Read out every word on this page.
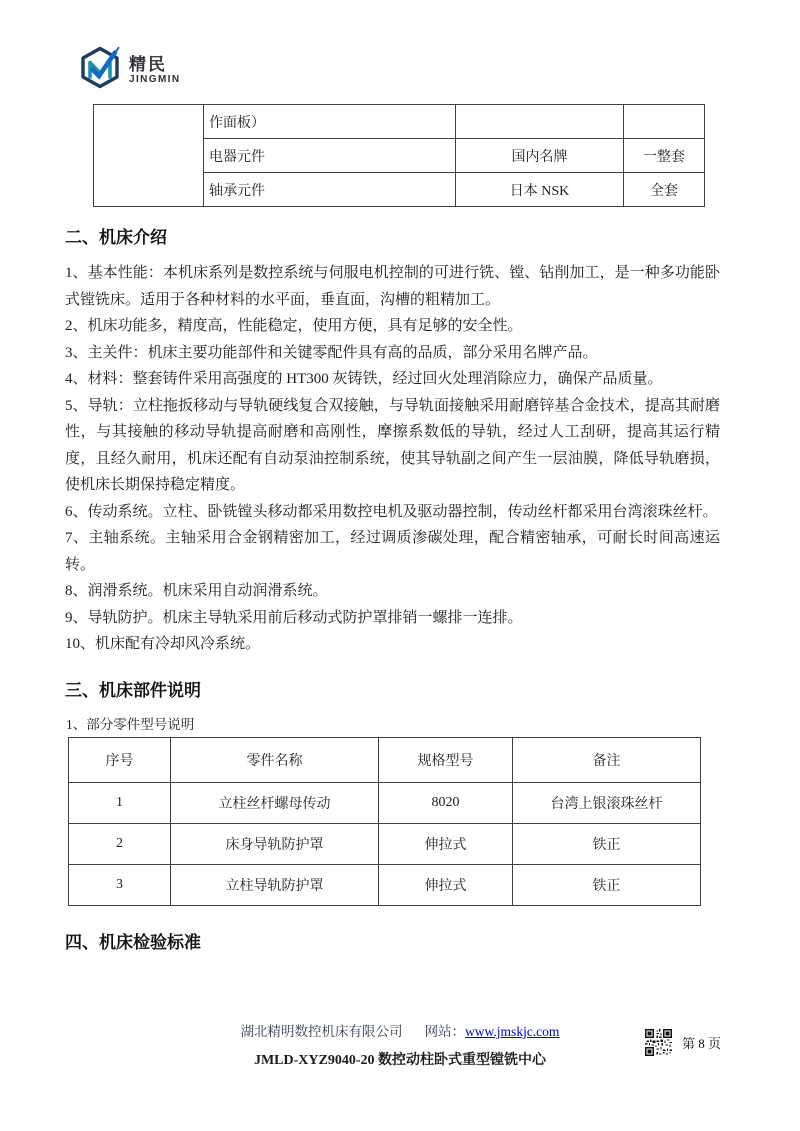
精民
JINGMIN
	作面板）		
	电器元件	国内名牌	一整套
	轴承元件	日本 NSK	全套
二、机床介绍

1、基本性能：本机床系列是数控系统与伺服电机控制的可进行铣、镗、钻削加工，是一种多功能卧式镗铣床。适用于各种材料的水平面，垂直面，沟槽的粗精加工。

2、机床功能多，精度高，性能稳定，使用方便，具有足够的安全性。

3、主关件：机床主要功能部件和关键零配件具有高的品质，部分采用名牌产品。

4、材料：整套铸件采用高强度的 HT300 灰铸铁，经过回火处理消除应力，确保产品质量。

5、导轨：立柱拖扳移动与导轨硬线复合双接触，与导轨面接触采用耐磨锌基合金技术，提高其耐磨性，与其接触的移动导轨提高耐磨和高刚性，摩擦系数低的导轨，经过人工刮研，提高其运行精度，且经久耐用，机床还配有自动泵油控制系统，使其导轨副之间产生一层油膜，降低导轨磨损，使机床长期保持稳定精度。

6、传动系统。立柱、卧铣镗头移动都采用数控电机及驱动器控制，传动丝杆都采用台湾滚珠丝杆。

7、主轴系统。主轴采用合金钢精密加工，经过调质渗碳处理，配合精密轴承，可耐长时间高速运转。

8、润滑系统。机床采用自动润滑系统。

9、导轨防护。机床主导轨采用前后移动式防护罩排销一螺排一连排。

10、机床配有冷却风冷系统。

三、机床部件说明
1、部分零件型号说明
序号	零件名称	规格型号	备注
1	立柱丝杆螺母传动	8020	台湾上银滚珠丝杆
2	床身导轨防护罩	伸拉式	铁正
3	立柱导轨防护罩	伸拉式	铁正
四、机床检验标准
湖北精明数控机床有限公司 网站：www.jmskjc.com
JMLD-XYZ9040-20 数控动柱卧式重型镗铣中心
第 8 页
